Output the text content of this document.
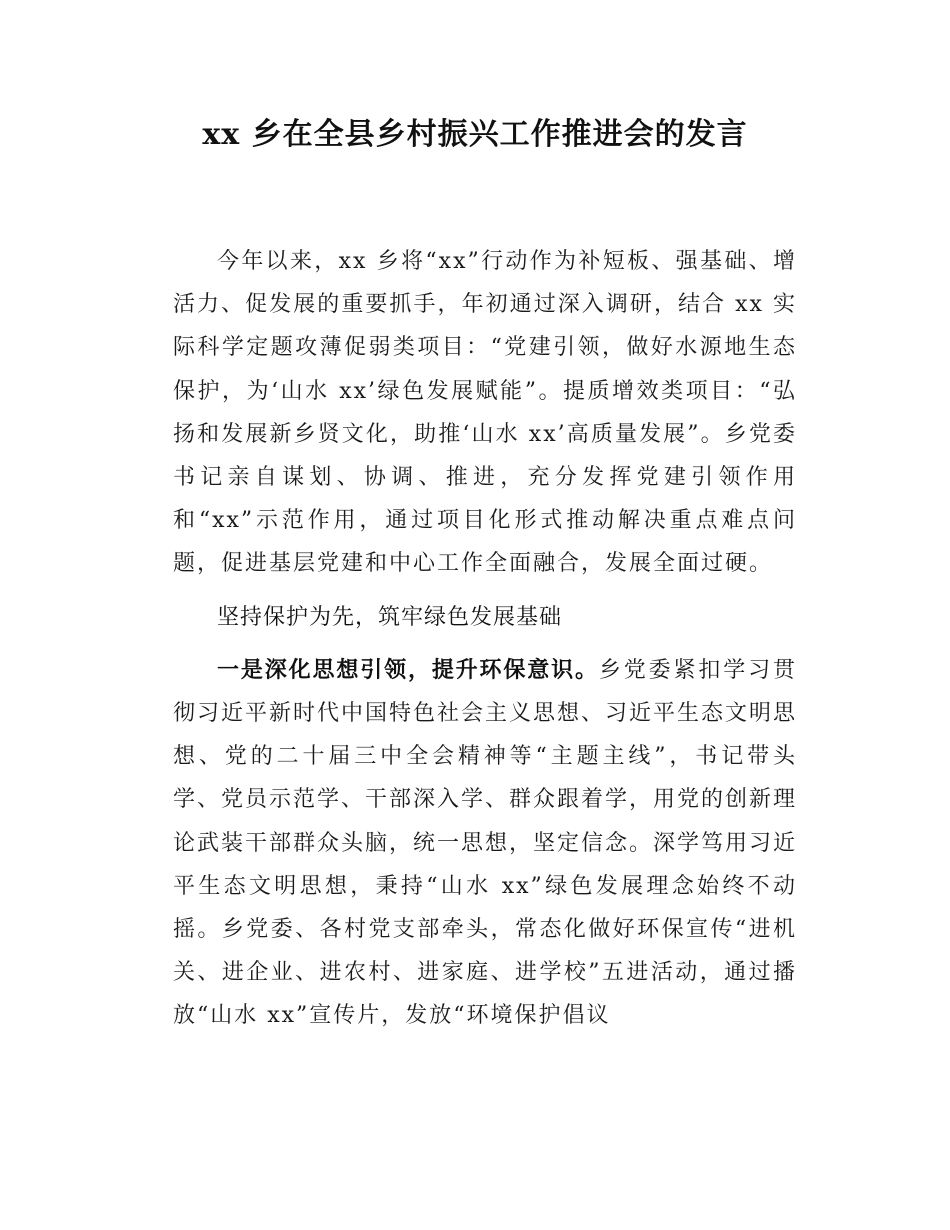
xx 乡在全县乡村振兴工作推进会的发言

今年以来，xx 乡将“xx”行动作为补短板、强基础、增活力、促发展的重要抓手，年初通过深入调研，结合 xx 实际科学定题攻薄促弱类项目：“党建引领，做好水源地生态保护，为‘山水 xx’绿色发展赋能”。提质增效类项目：“弘扬和发展新乡贤文化，助推‘山水 xx’高质量发展”。乡党委书记亲自谋划、协调、推进，充分发挥党建引领作用和“xx”示范作用，通过项目化形式推动解决重点难点问题，促进基层党建和中心工作全面融合，发展全面过硬。

坚持保护为先，筑牢绿色发展基础

一是深化思想引领，提升环保意识。乡党委紧扣学习贯彻习近平新时代中国特色社会主义思想、习近平生态文明思想、党的二十届三中全会精神等“主题主线”，书记带头学、党员示范学、干部深入学、群众跟着学，用党的创新理论武装干部群众头脑，统一思想，坚定信念。深学笃用习近平生态文明思想，秉持“山水 xx”绿色发展理念始终不动摇。乡党委、各村党支部牵头，常态化做好环保宣传“进机关、进企业、进农村、进家庭、进学校”五进活动，通过播放“山水 xx”宣传片，发放“环境保护倡议
